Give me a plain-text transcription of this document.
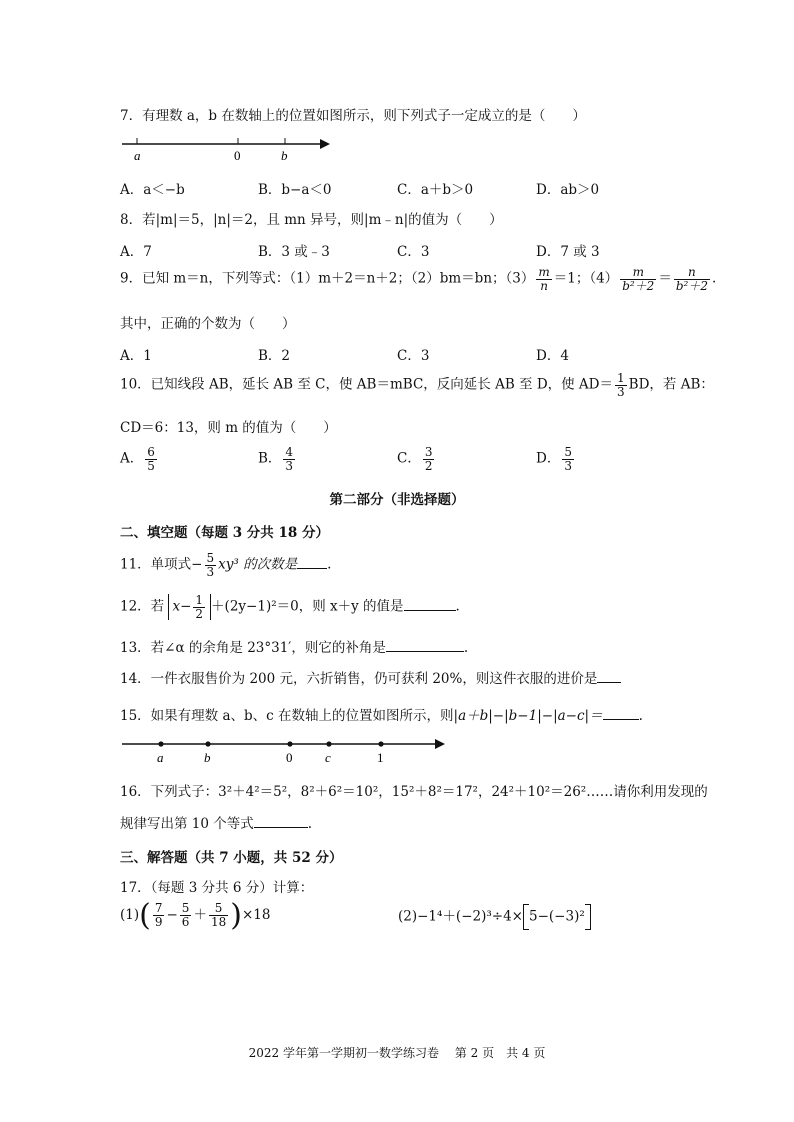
7．有理数 a，b 在数轴上的位置如图所示，则下列式子一定成立的是（　　）
a	0	b
A．a＜−b	B．b−a＜0	C．a＋b＞0	D．ab＞0
8．若|m|＝5，|n|＝2，且 mn 异号，则|m﹣n|的值为（　　）
A．7	B．3 或﹣3	C．3	D．7 或 3
9．已知 m＝n，下列等式：（1）m＋2＝n＋2；（2）bm＝bn；$(3) \frac{m}{n} =1$；$(4) \frac{m}{\text{b²＋2}} = \frac{n}{\text{b²＋2}}$ .
其中，正确的个数为（　　）
A．1	B．2	C．3	D．4
10．已知线段 AB，延长 AB 至 C，使 AB＝mBC，反向延长 AB 至 D，使 $AD= \frac{1}{3}$ BD，若 AB：
CD＝6：13，则 m 的值为（　　）
A． $\frac{6}{5}$	B． $\frac{4}{3}$	C． $\frac{3}{2}$	D． $\frac{5}{3}$
第二部分（非选择题）
二、填空题（每题 3 分共 18 分）
11．单项式− $\frac{5}{3} xy^3$ 的次数是 .
12．若 $x- \frac{1}{2} +(2y-1)^2=0$，则 x＋y 的值是	.
13．若∠α 的余角是 23°31′，则它的补角是	.
14．一件衣服售价为 200 元，六折销售，仍可获利 20%，则这件衣服的进价是
15．如果有理数 a、b、c 在数轴上的位置如图所示，则|a＋b|−|b−1|−|a−c|＝	.
a	b	0	c	1
16．下列式子：3²＋4²＝5²，8²＋6²＝10²，15²＋8²＝17²，24²＋10²＝26²……请你利用发现的
规律写出第 10 个等式	.
三、解答题（共 7 小题，共 52 分）
17．（每题 3 分共 6 分）计算：
$(1)( \frac{7}{9} - \frac{5}{6} + \frac{5}{18} )\times 18$	(2)−1⁴＋(−2)³÷4× 5−(−3)²
2022 学年第一学期初一数学练习卷　 第 2 页　共 4 页
